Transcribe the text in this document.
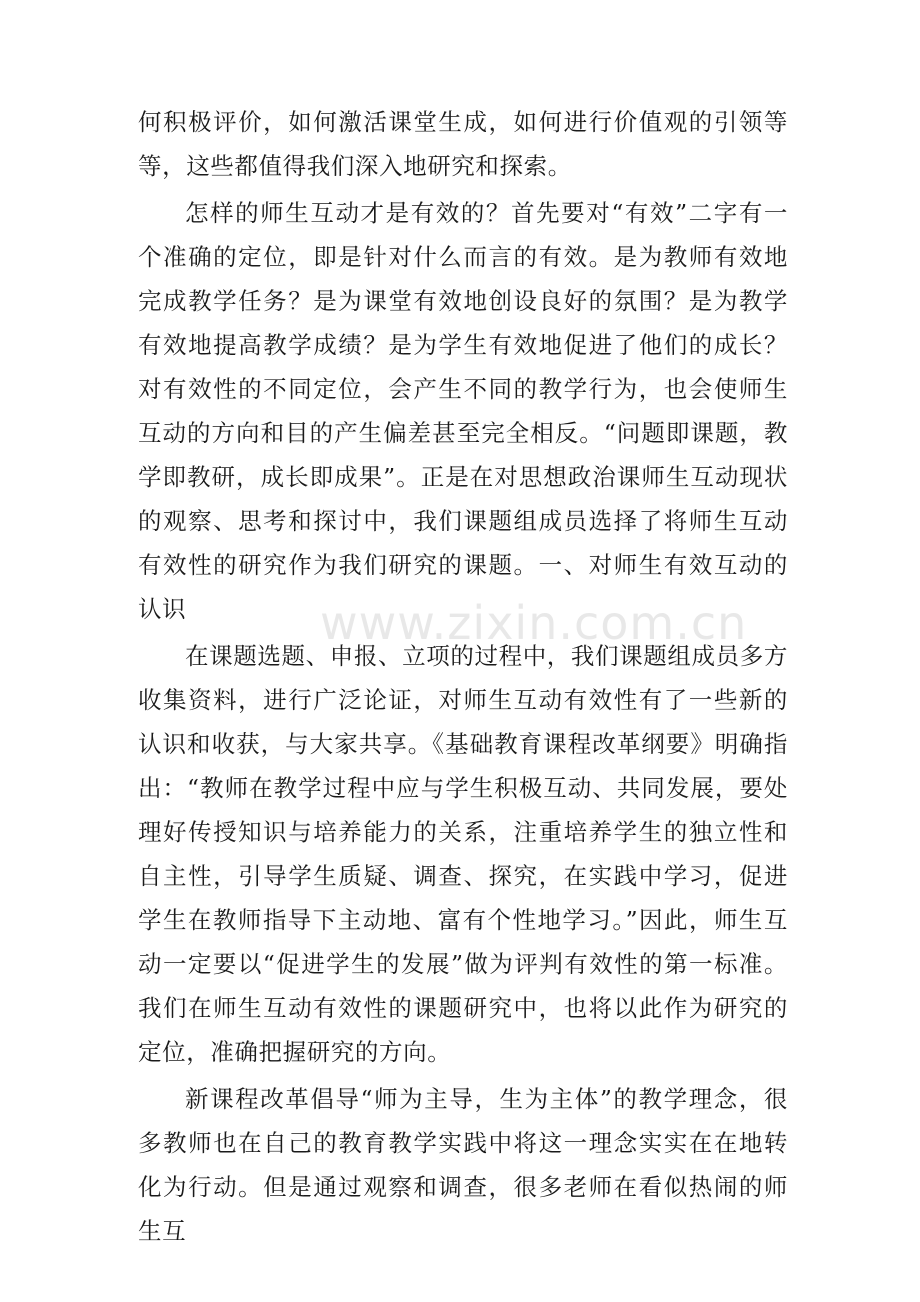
何积极评价，如何激活课堂生成，如何进行价值观的引领等等，这些都值得我们深入地研究和探索。

怎样的师生互动才是有效的？首先要对“有效”二字有一个准确的定位，即是针对什么而言的有效。是为教师有效地完成教学任务？是为课堂有效地创设良好的氛围？是为教学有效地提高教学成绩？是为学生有效地促进了他们的成长？对有效性的不同定位，会产生不同的教学行为，也会使师生互动的方向和目的产生偏差甚至完全相反。“问题即课题，教学即教研，成长即成果”。正是在对思想政治课师生互动现状的观察、思考和探讨中，我们课题组成员选择了将师生互动有效性的研究作为我们研究的课题。一、对师生有效互动的认识

在课题选题、申报、立项的过程中，我们课题组成员多方收集资料，进行广泛论证，对师生互动有效性有了一些新的认识和收获，与大家共享。《基础教育课程改革纲要》明确指出：“教师在教学过程中应与学生积极互动、共同发展，要处理好传授知识与培养能力的关系，注重培养学生的独立性和自主性，引导学生质疑、调查、探究，在实践中学习，促进学生在教师指导下主动地、富有个性地学习。”因此，师生互动一定要以“促进学生的发展”做为评判有效性的第一标准。我们在师生互动有效性的课题研究中，也将以此作为研究的定位，准确把握研究的方向。

新课程改革倡导“师为主导，生为主体”的教学理念，很多教师也在自己的教育教学实践中将这一理念实实在在地转化为行动。但是通过观察和调查，很多老师在看似热闹的师生互

www.zixin.com.cn
